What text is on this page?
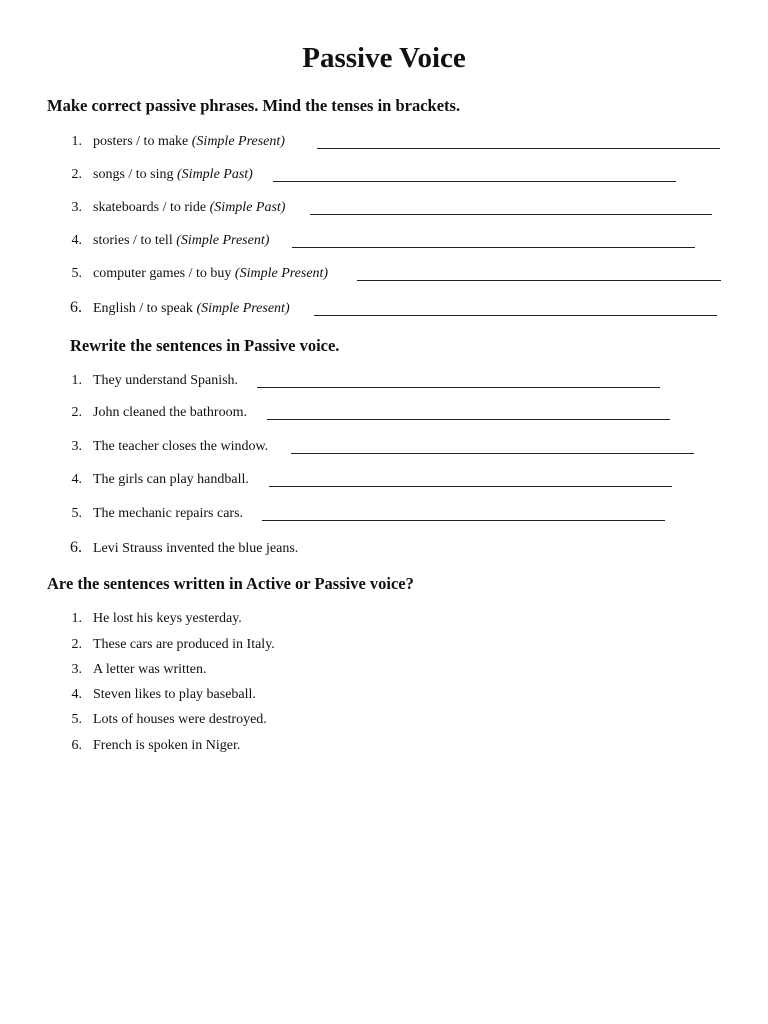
Passive Voice
Make correct passive phrases. Mind the tenses in brackets.
1. posters / to make (Simple Present)
2. songs / to sing (Simple Past)
3. skateboards / to ride (Simple Past)
4. stories / to tell (Simple Present)
5. computer games / to buy (Simple Present)
6. English / to speak (Simple Present)
Rewrite the sentences in Passive voice.
1. They understand Spanish.
2. John cleaned the bathroom.
3. The teacher closes the window.
4. The girls can play handball.
5. The mechanic repairs cars.
6. Levi Strauss invented the blue jeans.
Are the sentences written in Active or Passive voice?
1. He lost his keys yesterday.
2. These cars are produced in Italy.
3. A letter was written.
4. Steven likes to play baseball.
5. Lots of houses were destroyed.
6. French is spoken in Niger.
